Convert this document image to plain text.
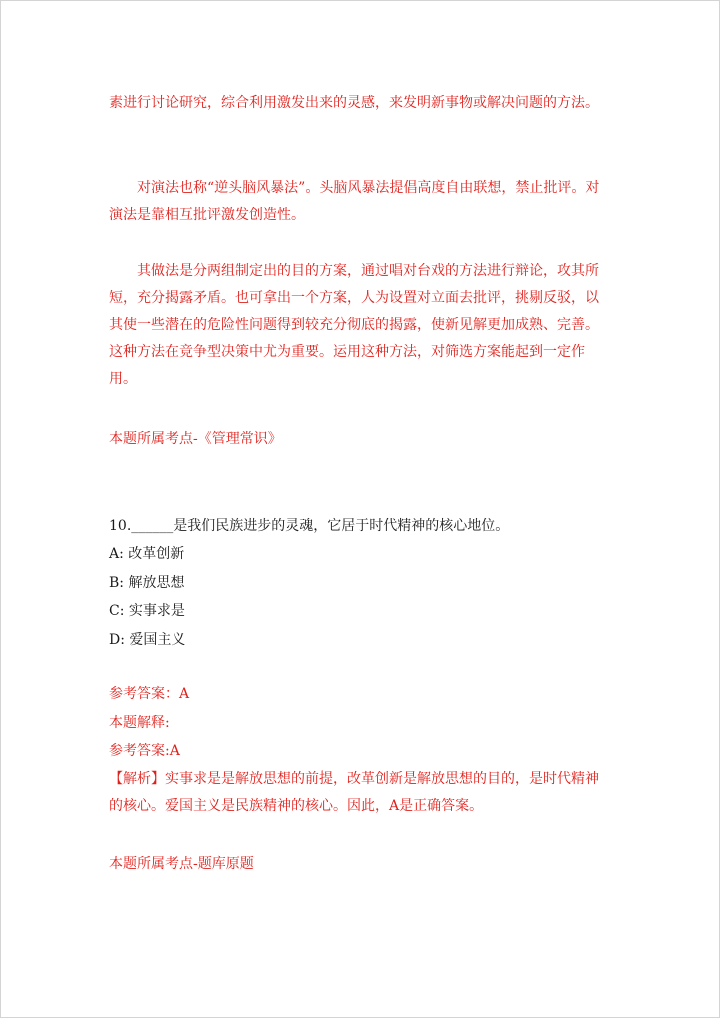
素进行讨论研究，综合利用激发出来的灵感，来发明新事物或解决问题的方法。

对演法也称“逆头脑风暴法”。头脑风暴法提倡高度自由联想，禁止批评。对演法是靠相互批评激发创造性。

其做法是分两组制定出的目的方案，通过唱对台戏的方法进行辩论，攻其所短，充分揭露矛盾。也可拿出一个方案，人为设置对立面去批评，挑剔反驳，以其使一些潜在的危险性问题得到较充分彻底的揭露，使新见解更加成熟、完善。这种方法在竞争型决策中尤为重要。运用这种方法，对筛选方案能起到一定作用。

本题所属考点-《管理常识》
10.______是我们民族进步的灵魂，它居于时代精神的核心地位。
A: 改革创新
B: 解放思想
C: 实事求是
D: 爱国主义
参考答案：A
本题解释:
参考答案:A

【解析】实事求是是解放思想的前提，改革创新是解放思想的目的，是时代精神的核心。爱国主义是民族精神的核心。因此，A是正确答案。

本题所属考点-题库原题
